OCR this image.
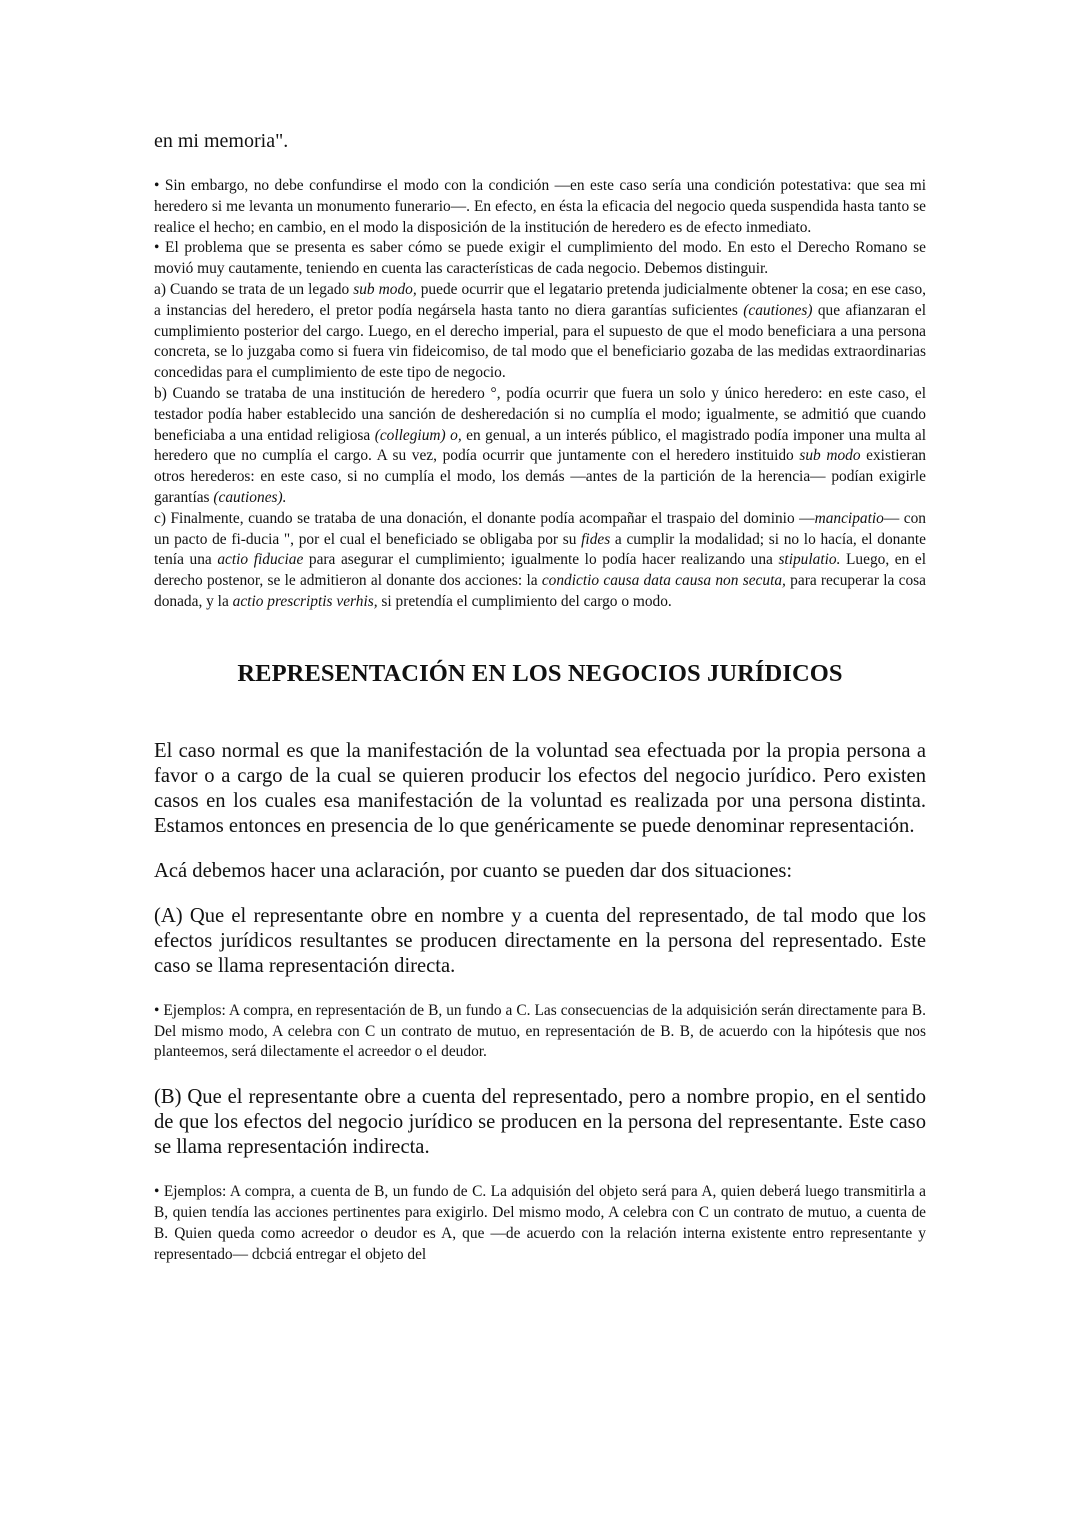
en mi memoria".

• Sin embargo, no debe confundirse el modo con la condición —en este caso sería una condición potestativa: que sea mi heredero si me levanta un monumento funerario—. En efecto, en ésta la eficacia del negocio queda suspendida hasta tanto se realice el hecho; en cambio, en el modo la disposición de la institución de heredero es de efecto inmediato.

• El problema que se presenta es saber cómo se puede exigir el cumplimiento del modo. En esto el Derecho Romano se movió muy cautamente, teniendo en cuenta las características de cada negocio. Debemos distinguir.

a) Cuando se trata de un legado sub modo, puede ocurrir que el legatario pretenda judicialmente obtener la cosa; en ese caso, a instancias del heredero, el pretor podía negársela hasta tanto no diera garantías suficientes (cautiones) que afianzaran el cumplimiento posterior del cargo. Luego, en el derecho imperial, para el supuesto de que el modo beneficiara a una persona concreta, se lo juzgaba como si fuera vin fideicomiso, de tal modo que el beneficiario gozaba de las medidas extraordinarias concedidas para el cumplimiento de este tipo de negocio.

b) Cuando se trataba de una institución de heredero °, podía ocurrir que fuera un solo y único heredero: en este caso, el testador podía haber establecido una sanción de desheredación si no cumplía el modo; igualmente, se admitió que cuando beneficiaba a una entidad religiosa (collegium) o, en genual, a un interés público, el magistrado podía imponer una multa al heredero que no cumplía el cargo. A su vez, podía ocurrir que juntamente con el heredero instituido sub modo existieran otros herederos: en este caso, si no cumplía el modo, los demás —antes de la partición de la herencia— podían exigirle garantías (cautiones).

c) Finalmente, cuando se trataba de una donación, el donante podía acompañar el traspaio del dominio —mancipatio— con un pacto de fi-ducia ", por el cual el beneficiado se obligaba por su fides a cumplir la modalidad; si no lo hacía, el donante tenía una actio fiduciae para asegurar el cumplimiento; igualmente lo podía hacer realizando una stipulatio. Luego, en el derecho postenor, se le admitieron al donante dos acciones: la condictio causa data causa non secuta, para recuperar la cosa donada, y la actio prescriptis verhis, si pretendía el cumplimiento del cargo o modo.

REPRESENTACIÓN EN LOS NEGOCIOS JURÍDICOS

El caso normal es que la manifestación de la voluntad sea efectuada por la propia persona a favor o a cargo de la cual se quieren producir los efectos del negocio jurídico. Pero existen casos en los cuales esa manifestación de la voluntad es realizada por una persona distinta. Estamos entonces en presencia de lo que genéricamente se puede denominar representación.

Acá debemos hacer una aclaración, por cuanto se pueden dar dos situaciones:

(A) Que el representante obre en nombre y a cuenta del representado, de tal modo que los efectos jurídicos resultantes se producen directamente en la persona del representado. Este caso se llama representación directa.

• Ejemplos: A compra, en representación de B, un fundo a C. Las consecuencias de la adquisición serán directamente para B. Del mismo modo, A celebra con C un contrato de mutuo, en representación de B. B, de acuerdo con la hipótesis que nos planteemos, será dilectamente el acreedor o el deudor.

(B) Que el representante obre a cuenta del representado, pero a nombre propio, en el sentido de que los efectos del negocio jurídico se producen en la persona del representante. Este caso se llama representación indirecta.

• Ejemplos: A compra, a cuenta de B, un fundo de C. La adquisión del objeto será para A, quien deberá luego transmitirla a B, quien tendía las acciones pertinentes para exigirlo. Del mismo modo, A celebra con C un contrato de mutuo, a cuenta de B. Quien queda como acreedor o deudor es A, que —de acuerdo con la relación interna existente entro representante y representado— dcbciá entregar el objeto del
